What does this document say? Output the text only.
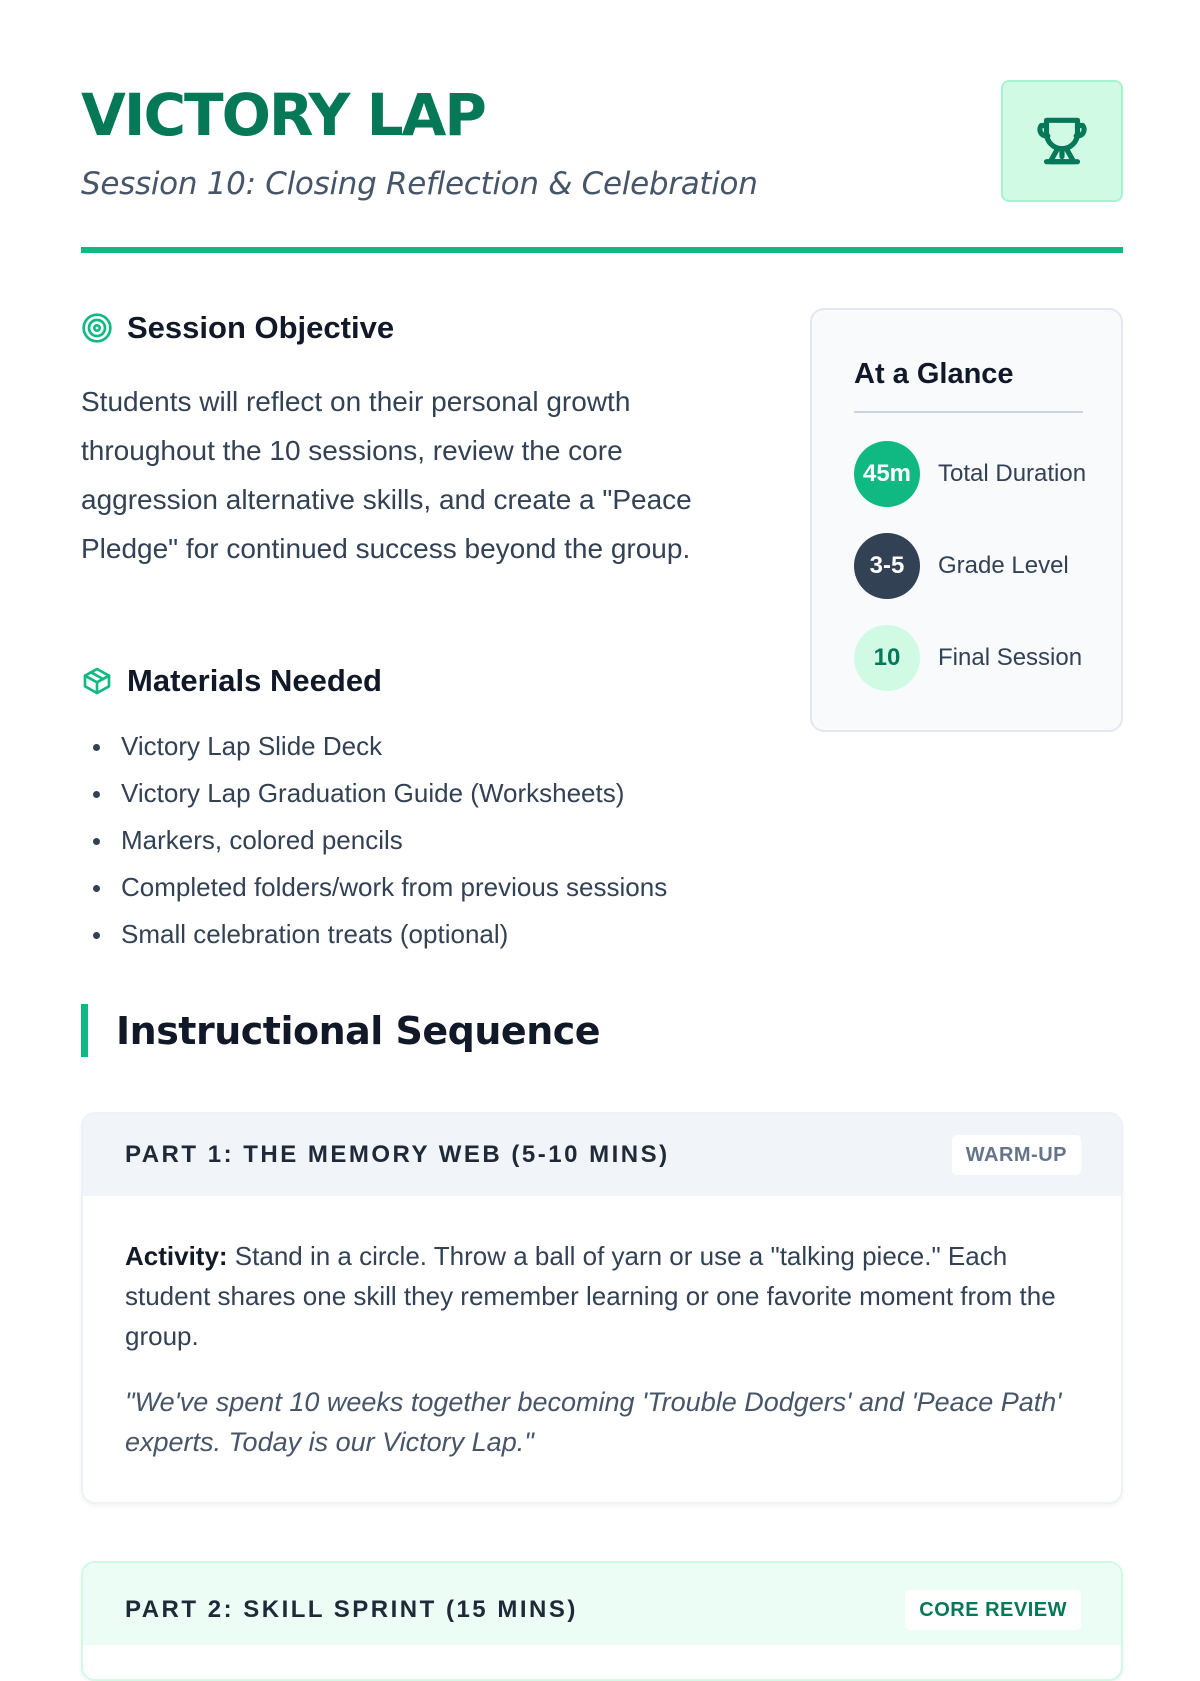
VICTORY LAP

Session 10: Closing Reflection & Celebration

Session Objective

Students will reflect on their personal growth throughout the 10 sessions, review the core aggression alternative skills, and create a "Peace Pledge" for continued success beyond the group.

Materials Needed
Victory Lap Slide Deck
Victory Lap Graduation Guide (Worksheets)
Markers, colored pencils
Completed folders/work from previous sessions
Small celebration treats (optional)
At a Glance
45m	Total Duration
3-5	Grade Level
10	Final Session
Instructional Sequence
PART 1: THE MEMORY WEB (5-10 MINS)	WARM-UP

Activity: Stand in a circle. Throw a ball of yarn or use a "talking piece." Each student shares one skill they remember learning or one favorite moment from the group.

"We've spent 10 weeks together becoming 'Trouble Dodgers' and 'Peace Path' experts. Today is our Victory Lap."

PART 2: SKILL SPRINT (15 MINS)	CORE REVIEW
